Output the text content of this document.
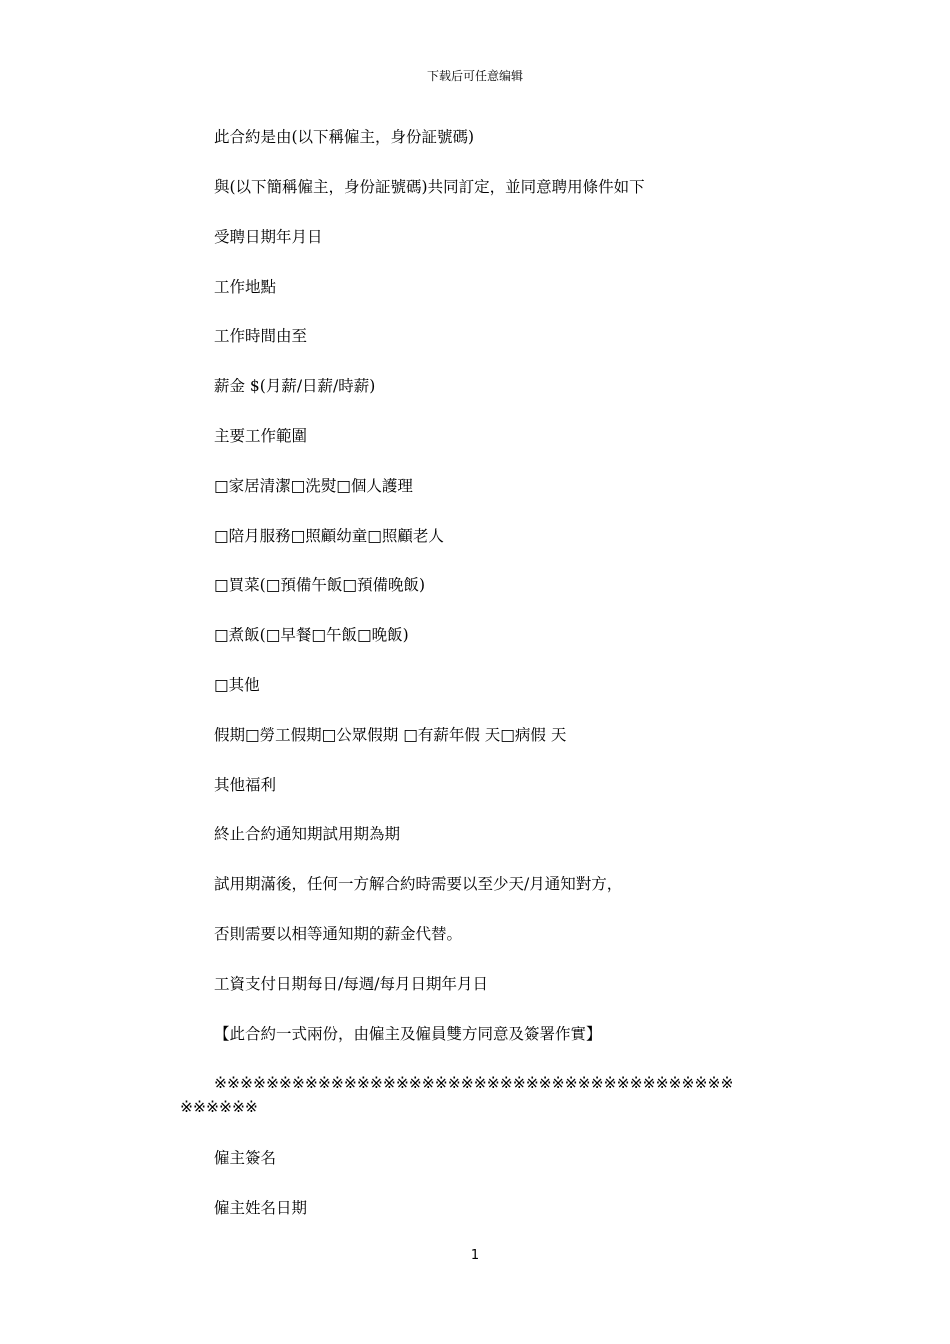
下载后可任意编辑
此合約是由(以下稱僱主，身份証號碼)
與(以下簡稱僱主，身份証號碼)共同訂定，並同意聘用條件如下
受聘日期年月日
工作地點
工作時間由至
薪金 $(月薪/日薪/時薪)
主要工作範圍
□家居清潔□洗熨□個人護理
□陪月服務□照顧幼童□照顧老人
□買菜(□預備午飯□預備晚飯)
□煮飯(□早餐□午飯□晚飯)
□其他
假期□勞工假期□公眾假期 □有薪年假 天□病假 天
其他福利
終止合約通知期試用期為期
試用期滿後，任何一方解合約時需要以至少天/月通知對方，
否則需要以相等通知期的薪金代替。
工資支付日期每日/每週/每月日期年月日
【此合約一式兩份，由僱主及僱員雙方同意及簽署作實】
※※※※※※※※※※※※※※※※※※※※※※※※※※※※※※※※※※※※※※※※
※※※※※※
僱主簽名
僱主姓名日期
1
